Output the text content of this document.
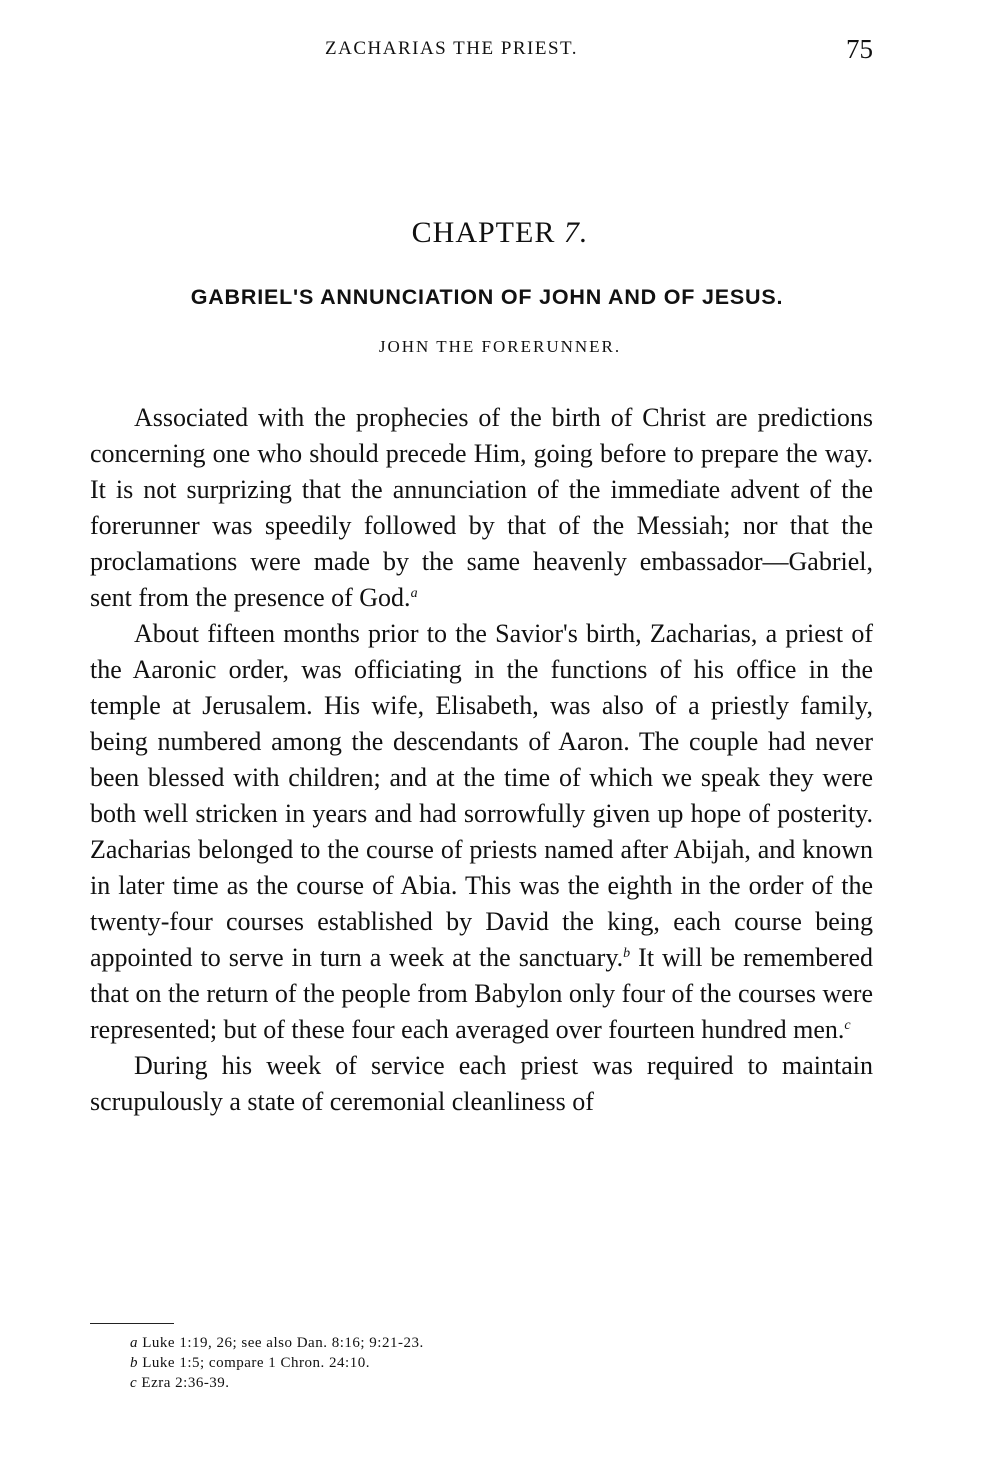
ZACHARIAS THE PRIEST.	75
CHAPTER 7.
GABRIEL'S ANNUNCIATION OF JOHN AND OF JESUS.
JOHN THE FORERUNNER.

Associated with the prophecies of the birth of Christ are predictions concerning one who should precede Him, going before to prepare the way. It is not surprizing that the annunciation of the immediate advent of the forerunner was speedily followed by that of the Messiah; nor that the proclamations were made by the same heavenly embassador—Gabriel, sent from the presence of God.$^a$

About fifteen months prior to the Savior's birth, Zacharias, a priest of the Aaronic order, was officiating in the functions of his office in the temple at Jerusalem. His wife, Elisabeth, was also of a priestly family, being numbered among the descendants of Aaron. The couple had never been blessed with children; and at the time of which we speak they were both well stricken in years and had sorrowfully given up hope of posterity. Zacharias belonged to the course of priests named after Abijah, and known in later time as the course of Abia. This was the eighth in the order of the twenty-four courses established by David the king, each course being appointed to serve in turn a week at the sanctuary.$^b$ It will be remembered that on the return of the people from Babylon only four of the courses were represented; but of these four each averaged over fourteen hundred men.$^c$

During his week of service each priest was required to maintain scrupulously a state of ceremonial cleanliness of

a Luke 1:19, 26; see also Dan. 8:16; 9:21-23.
b Luke 1:5; compare 1 Chron. 24:10.
c Ezra 2:36-39.
